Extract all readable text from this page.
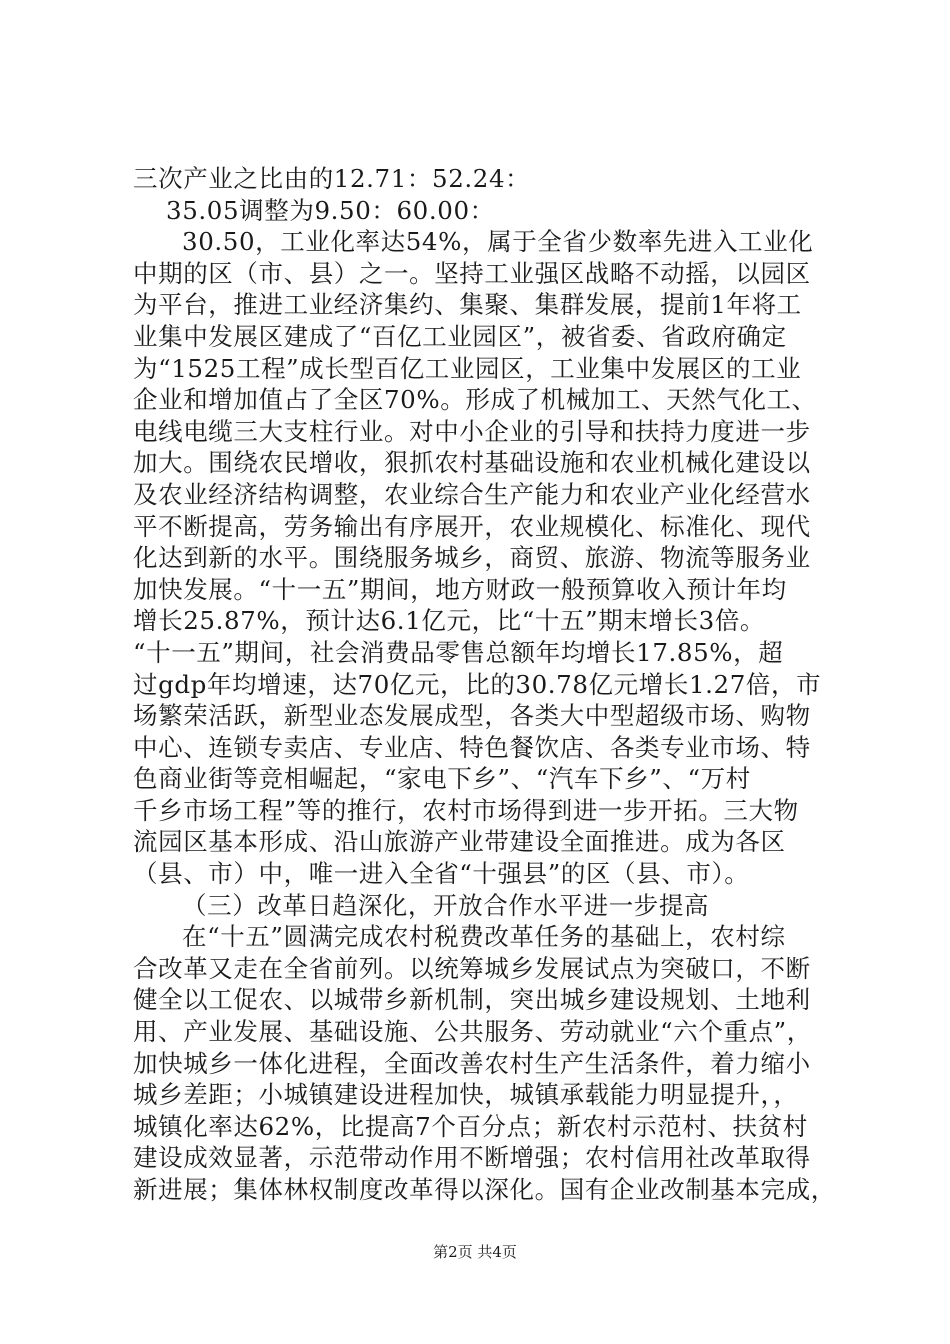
三次产业之比由的12.71：52.24：
35.05调整为9.50：60.00：
30.50，工业化率达54%，属于全省少数率先进入工业化
中期的区（市、县）之一。坚持工业强区战略不动摇，以园区
为平台，推进工业经济集约、集聚、集群发展，提前1年将工
业集中发展区建成了“百亿工业园区”，被省委、省政府确定
为“1525工程”成长型百亿工业园区，工业集中发展区的工业
企业和增加值占了全区70%。形成了机械加工、天然气化工、
电线电缆三大支柱行业。对中小企业的引导和扶持力度进一步
加大。围绕农民增收，狠抓农村基础设施和农业机械化建设以
及农业经济结构调整，农业综合生产能力和农业产业化经营水
平不断提高，劳务输出有序展开，农业规模化、标准化、现代
化达到新的水平。围绕服务城乡，商贸、旅游、物流等服务业
加快发展。“十一五”期间，地方财政一般预算收入预计年均
增长25.87%，预计达6.1亿元，比“十五”期末增长3倍。
“十一五”期间，社会消费品零售总额年均增长17.85%，超
过gdp年均增速，达70亿元，比的30.78亿元增长1.27倍，市
场繁荣活跃，新型业态发展成型，各类大中型超级市场、购物
中心、连锁专卖店、专业店、特色餐饮店、各类专业市场、特
色商业街等竞相崛起，“家电下乡”、“汽车下乡”、“万村
千乡市场工程”等的推行，农村市场得到进一步开拓。三大物
流园区基本形成、沿山旅游产业带建设全面推进。成为各区
（县、市）中，唯一进入全省“十强县”的区（县、市）。
（三）改革日趋深化，开放合作水平进一步提高
在“十五”圆满完成农村税费改革任务的基础上，农村综
合改革又走在全省前列。以统筹城乡发展试点为突破口，不断
健全以工促农、以城带乡新机制，突出城乡建设规划、土地利
用、产业发展、基础设施、公共服务、劳动就业“六个重点”，
加快城乡一体化进程，全面改善农村生产生活条件，着力缩小
城乡差距；小城镇建设进程加快，城镇承载能力明显提升，，
城镇化率达62%，比提高7个百分点；新农村示范村、扶贫村
建设成效显著，示范带动作用不断增强；农村信用社改革取得
新进展；集体林权制度改革得以深化。国有企业改制基本完成，
第2页 共4页
